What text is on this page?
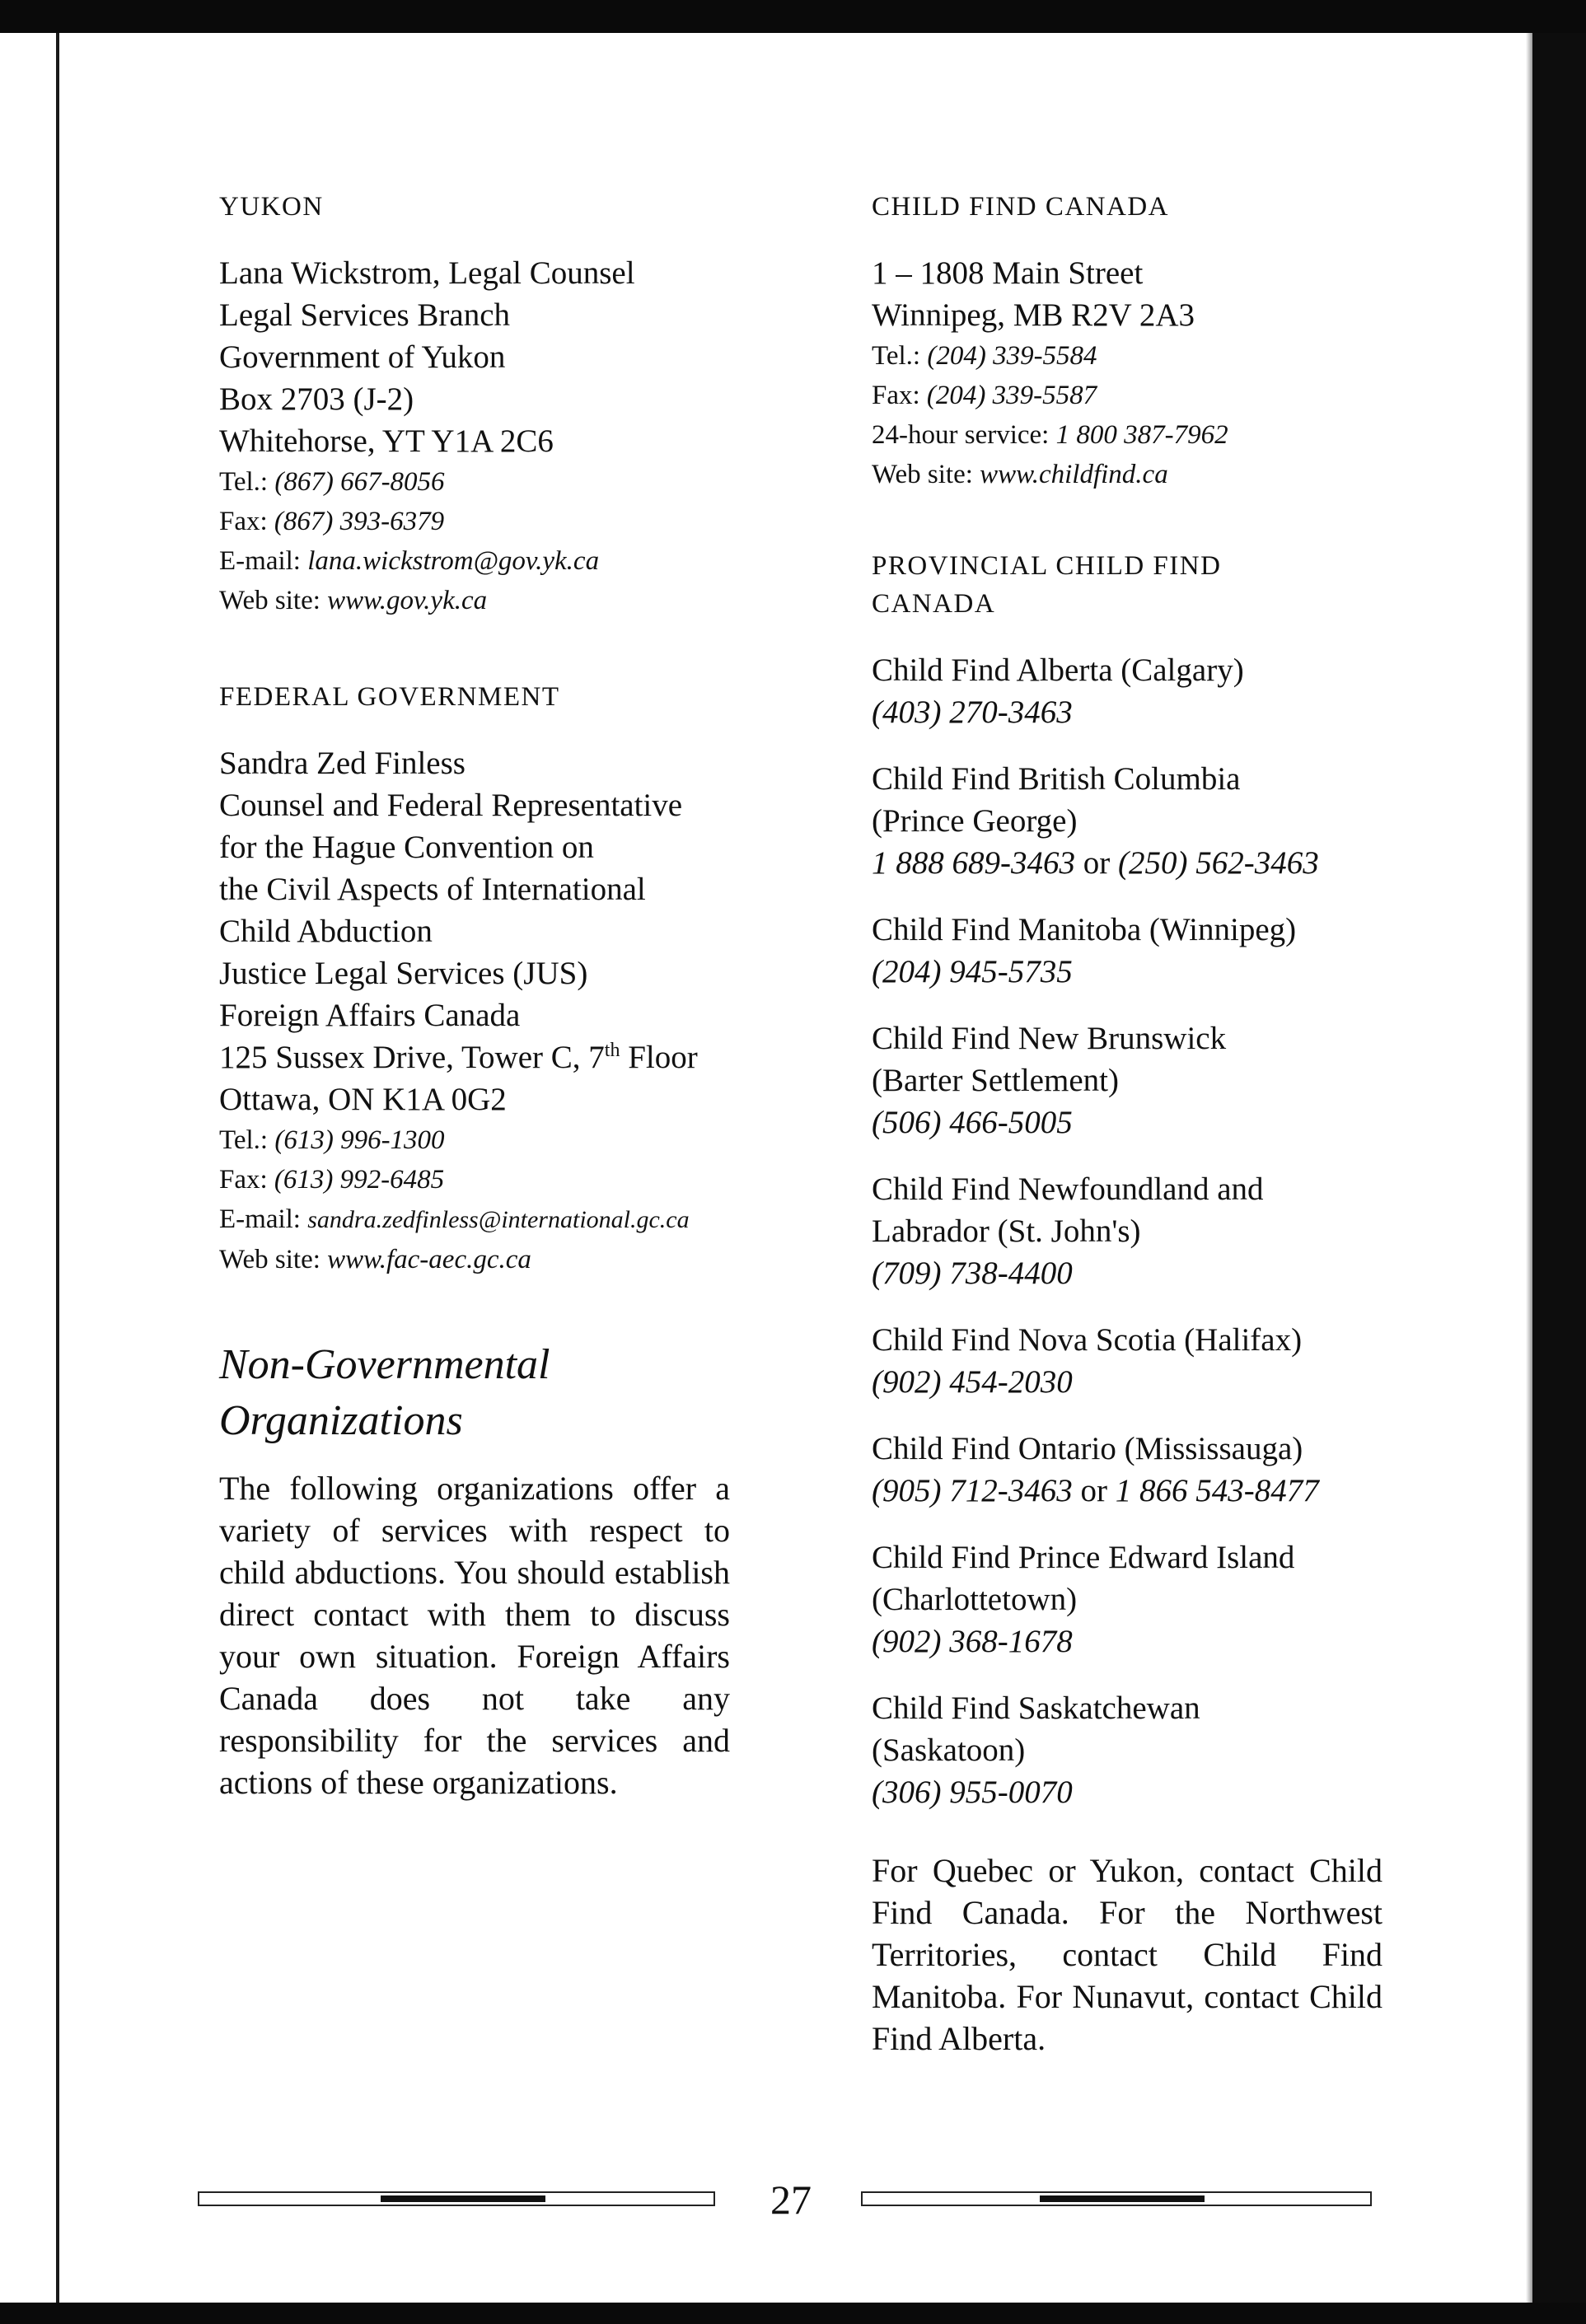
YUKON

Lana Wickstrom, Legal Counsel

Legal Services Branch

Government of Yukon

Box 2703 (J-2)

Whitehorse, YT Y1A 2C6

Tel.: (867) 667-8056

Fax: (867) 393-6379

E-mail: lana.wickstrom@gov.yk.ca

Web site: www.gov.yk.ca

FEDERAL GOVERNMENT

Sandra Zed Finless

Counsel and Federal Representative

for the Hague Convention on

the Civil Aspects of International

Child Abduction

Justice Legal Services (JUS)

Foreign Affairs Canada

125 Sussex Drive, Tower C, 7th Floor

Ottawa, ON K1A 0G2

Tel.: (613) 996-1300

Fax: (613) 992-6485

E-mail: sandra.zedfinless@international.gc.ca

Web site: www.fac-aec.gc.ca

Non-Governmental
Organizations

The following organizations offer a variety of services with respect to child abductions. You should establish direct contact with them to discuss your own situation. Foreign Affairs Canada does not take any responsibility for the services and actions of these organizations.

CHILD FIND CANADA

1 – 1808 Main Street

Winnipeg, MB R2V 2A3

Tel.: (204) 339-5584

Fax: (204) 339-5587

24-hour service: 1 800 387-7962

Web site: www.childfind.ca

PROVINCIAL CHILD FIND
CANADA

Child Find Alberta (Calgary)

(403) 270-3463

Child Find British Columbia

(Prince George)

1 888 689-3463 or (250) 562-3463

Child Find Manitoba (Winnipeg)

(204) 945-5735

Child Find New Brunswick

(Barter Settlement)

(506) 466-5005

Child Find Newfoundland and

Labrador (St. John's)

(709) 738-4400

Child Find Nova Scotia (Halifax)

(902) 454-2030

Child Find Ontario (Mississauga)

(905) 712-3463 or 1 866 543-8477

Child Find Prince Edward Island

(Charlottetown)

(902) 368-1678

Child Find Saskatchewan

(Saskatoon)

(306) 955-0070

For Quebec or Yukon, contact Child Find Canada. For the Northwest Territories, contact Child Find Manitoba. For Nunavut, contact Child Find Alberta.

27
